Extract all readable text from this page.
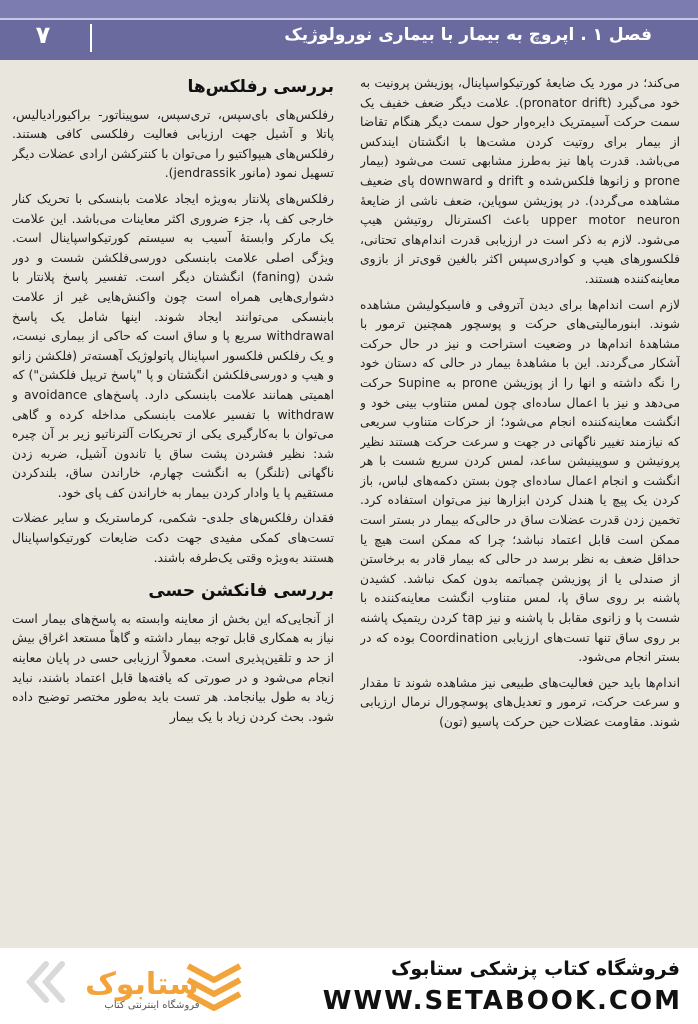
فصل ۱ . اپروچ به بیمار با بیماری نورولوژیک
۷

می‌کند؛ در مورد یک ضایعهٔ کورتیکواسپاینال، پوزیشن پرونیت به خود می‌گیرد (pronator drift). علامت دیگر ضعف خفیف یک سمت حرکت آسیمتریک دایره‌وار حول سمت دیگر هنگام تقاضا از بیمار برای روتیت کردن مشت‌ها با انگشتان ایندکس می‌باشد. قدرت پاها نیز به‌طرز مشابهی تست می‌شود (بیمار prone و زانوها فلکس‌شده و drift و downward پای ضعیف مشاهده می‌گردد). در پوزیشن سوپاین، ضعف ناشی از ضایعهٔ upper motor neuron باعث اکسترنال روتیشن هیپ می‌شود. لازم به ذکر است در ارزیابی قدرت اندام‌های تحتانی، فلکسورهای هیپ و کوادری‌سپس اکثر بالغین قوی‌تر از بازوی معاینه‌کننده هستند.

لازم است اندام‌ها برای دیدن آتروفی و فاسیکولیشن مشاهده شوند. ابنورمالیتی‌های حرکت و پوسچور همچنین ترمور با مشاهدهٔ اندام‌ها در وضعیت استراحت و نیز در حال حرکت آشکار می‌گردند. این با مشاهدهٔ بیمار در حالی که دستان خود را نگه داشته و انها را از پوزیشن prone به Supine حرکت می‌دهد و نیز با اعمال ساده‌ای چون لمس متناوب بینی خود و انگشت معاینه‌کننده انجام می‌شود؛ از حرکات متناوب سریعی که نیازمند تغییر ناگهانی در جهت و سرعت حرکت هستند نظیر پرونیشن و سوپینیشن ساعد، لمس کردن سریع شست با هر انگشت و انجام اعمال ساده‌ای چون بستن دکمه‌های لباس، باز کردن یک پیچ یا هندل کردن ابزارها نیز می‌توان استفاده کرد. تخمین زدن قدرت عضلات ساق در حالی‌که بیمار در بستر است ممکن است قابل اعتماد نباشد؛ چرا که ممکن است هیچ یا حداقل ضعف به نظر برسد در حالی که بیمار قادر به برخاستن از صندلی یا از پوزیشن چمباتمه بدون کمک نباشد. کشیدن پاشنه بر روی ساق پا، لمس متناوب انگشت معاینه‌کننده با شست پا و زانوی مقابل با پاشنه و نیز tap کردن ریتمیک پاشنه بر روی ساق تنها تست‌های ارزیابی Coordination بوده که در بستر انجام می‌شود.

اندام‌ها باید حین فعالیت‌های طبیعی نیز مشاهده شوند تا مقدار و سرعت حرکت، ترمور و تعدیل‌های پوسچورال نرمال ارزیابی شوند. مقاومت عضلات حین حرکت پاسیو (تون)

بررسی رفلکس‌ها

رفلکس‌های بای‌سپس، تری‌سپس، سوپیناتور- براکیورادیالیس، پاتلا و آشیل جهت ارزیابی فعالیت رفلکسی کافی هستند. رفلکس‌های هیپواکتیو را می‌توان با کنترکشن ارادی عضلات دیگر تسهیل نمود (مانور jendrassik).

رفلکس‌های پلانتار به‌ویژه ایجاد علامت بابنسکی با تحریک کنار خارجی کف پا، جزء ضروری اکثر معاینات می‌باشد. این علامت یک مارکر وابستهٔ آسیب به سیستم کورتیکواسپاینال است. ویژگی اصلی علامت بابنسکی دورسی‌فلکشن شست و دور شدن (faning) انگشتان دیگر است. تفسیر پاسخ پلانتار با دشواری‌هایی همراه است چون واکنش‌هایی غیر از علامت بابنسکی می‌توانند ایجاد شوند. اینها شامل یک پاسخ withdrawal سریع پا و ساق است که حاکی از بیماری نیست، و یک رفلکس فلکسور اسپاینال پاتولوژیک آهسته‌تر (فلکشن زانو و هیپ و دورسی‌فلکشن انگشتان و پا "پاسخ تریپل فلکشن") که اهمیتی همانند علامت بابنسکی دارد. پاسخ‌های avoidance و withdraw با تفسیر علامت بابنسکی مداخله کرده و گاهی می‌توان با به‌کارگیری یکی از تحریکات آلترناتیو زیر بر آن چیره شد: نظیر فشردن پشت ساق یا تاندون آشیل، ضربه زدن ناگهانی (تلنگر) به انگشت چهارم، خاراندن ساق، بلندکردن مستقیم پا یا وادار کردن بیمار به خاراندن کف پای خود.

فقدان رفلکس‌های جلدی- شکمی، کرماستریک و سایر عضلات تست‌های کمکی مفیدی جهت دکت ضایعات کورتیکواسپاینال هستند به‌ویژه وقتی یک‌طرفه باشند.

بررسی فانکشن حسی

از آنجایی‌که این بخش از معاینه وابسته به پاسخ‌های بیمار است نیاز به همکاری قابل توجه بیمار داشته و گاهاً مستعد اغراق بیش از حد و تلقین‌پذیری است. معمولاً ارزیابی حسی در پایان معاینه انجام می‌شود و در صورتی که یافته‌ها قابل اعتماد باشند، نباید زیاد به طول بیانجامد. هر تست باید به‌طور مختصر توضیح داده شود. بحث کردن زیاد با یک بیمار

ستابوک
فروشگاه اینترنتی کتاب
فروشگاه کتاب پزشکی ستابوک
WWW.SETABOOK.COM
